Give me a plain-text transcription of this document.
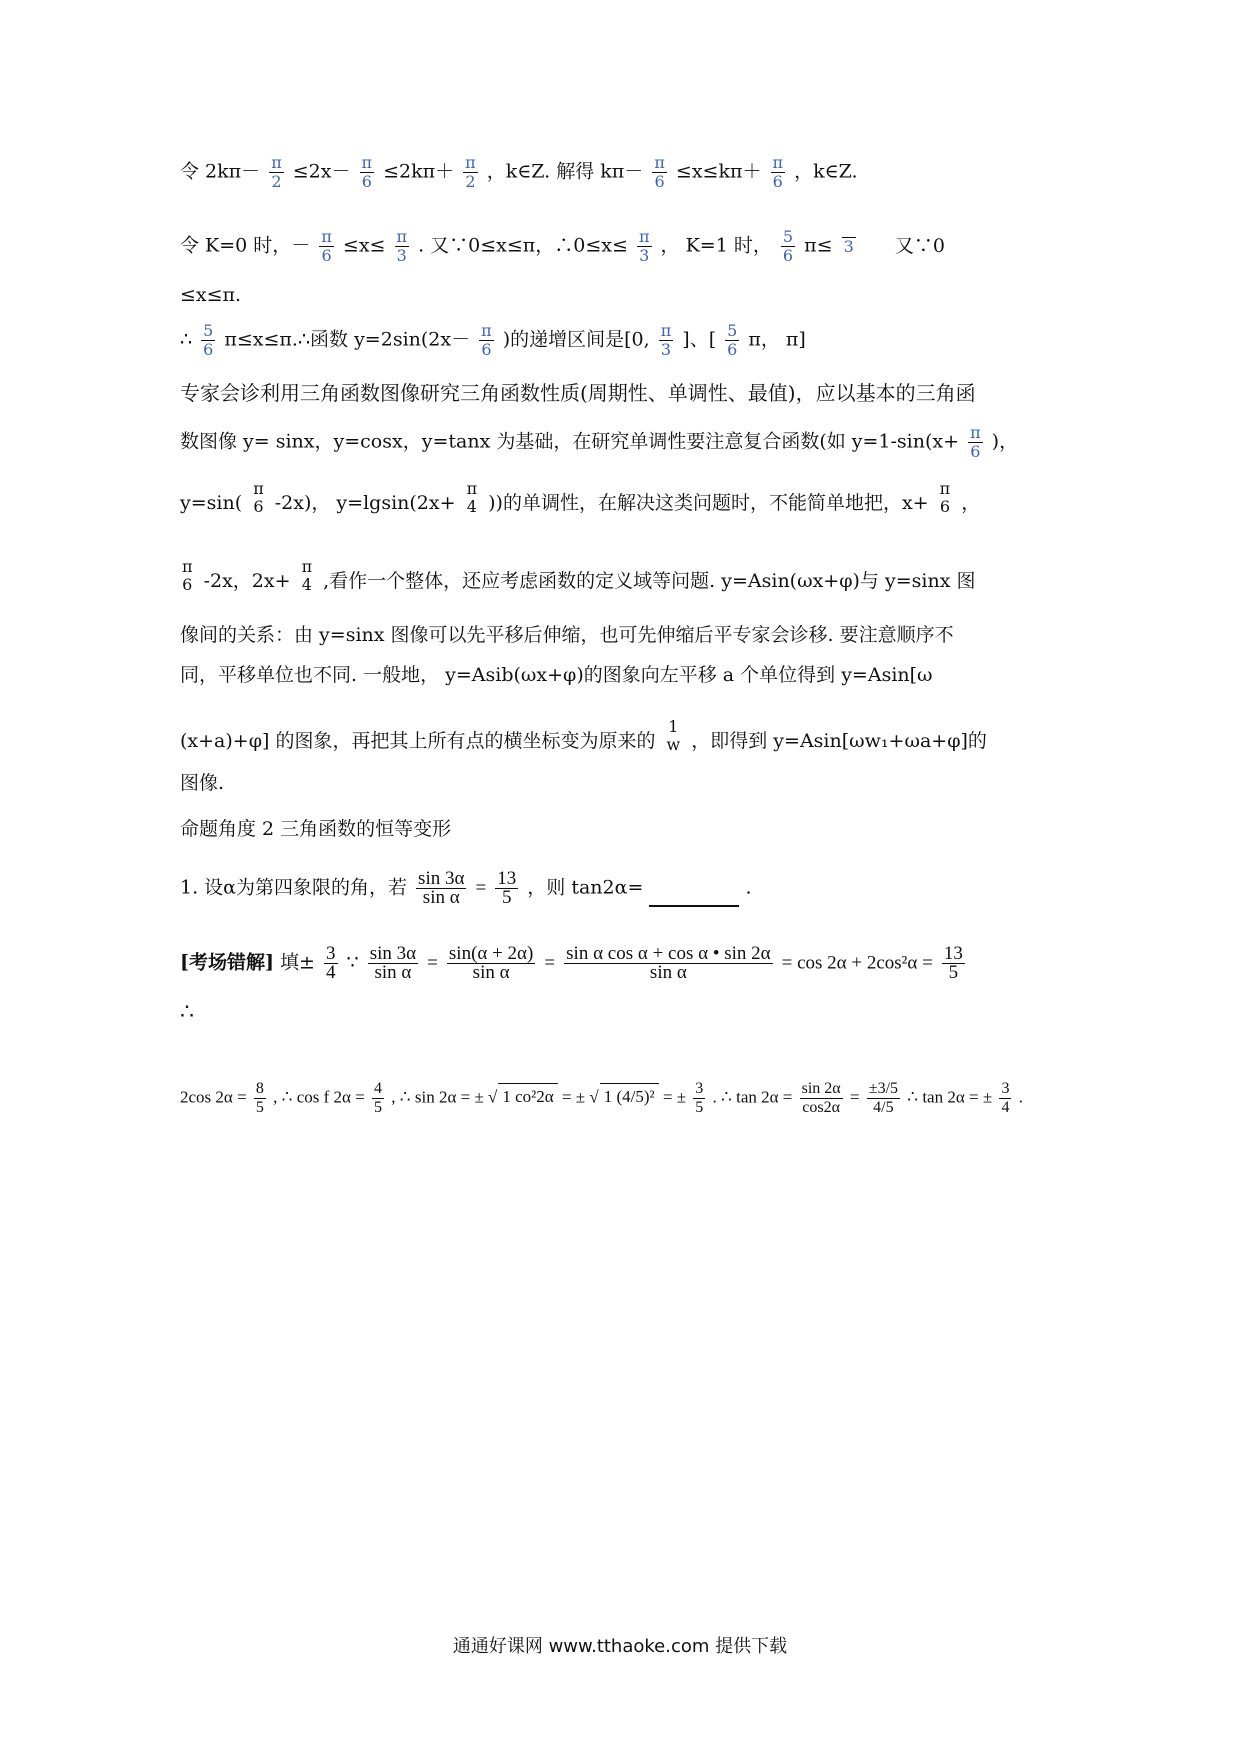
令 $2k\pi- \frac{\pi}{2} \le 2x- \frac{\pi}{6} \le 2k\pi+ \frac{\pi}{2}$ ，k∈Z. 解得 $k\pi- \frac{\pi}{6} \le x\le k\pi+ \frac{\pi}{6}$ ，k∈Z.
令 K=0 时，－ $\frac{\pi}{6} \le x\le \frac{\pi}{3}$ . 又∵0≤x≤π，∴0≤x≤ $\frac{\pi}{3}$ ， K=1 时， $\frac{5}{6} \pi\le 3$ 又∵0
≤x≤π.
∴ $\frac{5}{6}$ π≤x≤π.∴函数 $y=2\sin(2x- \frac{\pi}{6}$ )的递增区间是[0, $\frac{\pi}{3}$ ]、[ $\frac{5}{6}$ π， π]
专家会诊利用三角函数图像研究三角函数性质(周期性、单调性、最值)，应以基本的三角函
数图像 y= sinx，y=cosx，y=tanx 为基础，在研究单调性要注意复合函数(如 $y=1-\sin(x+ \frac{\pi}{6}$ )，
y=sin(
π
6 -2x)， y=lgsin(2x+
π
4 ))的单调性，在解决这类问题时，不能简单地把，x+
π
6 ，
π
6 -2x，2x+
π
4 ,看作一个整体，还应考虑函数的定义域等问题. y=Asin(ωx+φ)与 y=sinx 图
像间的关系：由 y=sinx 图像可以先平移后伸缩，也可先伸缩后平专家会诊移. 要注意顺序不
同，平移单位也不同. 一般地， y=Asib(ωx+φ)的图象向左平移 a 个单位得到 y=Asin[ω
(x+a)+φ] 的图象，再把其上所有点的横坐标变为原来的
1
w ，即得到 y=Asin[ωw₁+ωa+φ]的
图像.
命题角度 2 三角函数的恒等变形
1. 设α为第四象限的角，若 $\frac{\sin 3\alpha}{\text{sin α}} = \frac{13}{5}$ ，则 tan2α=	.
[考场错解] 填± $\frac{3}{4}$ ∵ $\frac{\sin 3\alpha}{\text{sin α}} = \frac{\sin(\alpha + 2\alpha)}{\text{sin α}} = \frac{\text{sin α cos α + cos α • sin 2α}}{\text{sin α}} = \cos 2\alpha + 2\cos^2\alpha = \frac{13}{5}$
∴
2cos $2\alpha = \frac{8}{5}$ , ∴ cos f $2\alpha = \frac{4}{5}$ , ∴ sin 2α = ± √ 1 co²2α = ± √ 1 (4/5)² = ± $\frac{3}{5}$ . ∴ $\tan 2\alpha = \frac{\sin 2\alpha}{\cos 2\alpha} = \frac{\pm 3/5}{4/5}$ ∴ tan 2α = ± $\frac{3}{4}$ .
通通好课网 www.tthaoke.com 提供下载
